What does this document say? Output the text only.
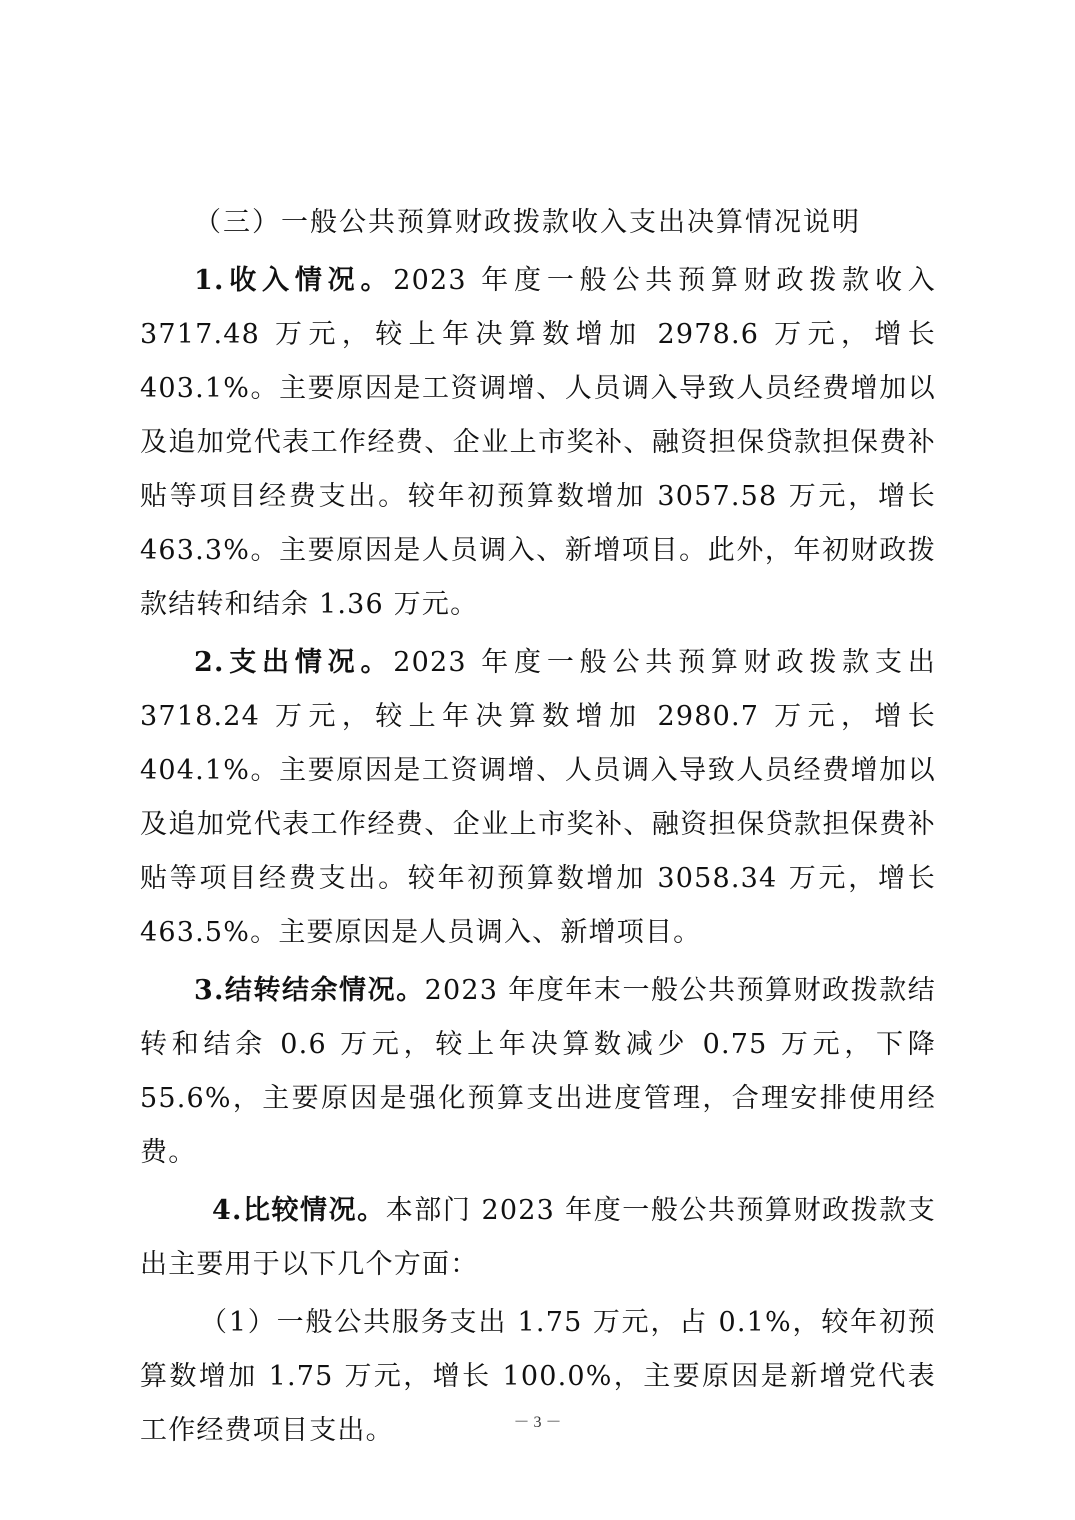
（三）一般公共预算财政拨款收入支出决算情况说明

1.收入情况。2023 年度一般公共预算财政拨款收入 3717.48 万元，较上年决算数增加 2978.6 万元，增长 403.1%。主要原因是工资调增、人员调入导致人员经费增加以及追加党代表工作经费、企业上市奖补、融资担保贷款担保费补贴等项目经费支出。较年初预算数增加 3057.58 万元，增长 463.3%。主要原因是人员调入、新增项目。此外，年初财政拨款结转和结余 1.36 万元。

2.支出情况。2023 年度一般公共预算财政拨款支出 3718.24 万元，较上年决算数增加 2980.7 万元，增长 404.1%。主要原因是工资调增、人员调入导致人员经费增加以及追加党代表工作经费、企业上市奖补、融资担保贷款担保费补贴等项目经费支出。较年初预算数增加 3058.34 万元，增长 463.5%。主要原因是人员调入、新增项目。

3.结转结余情况。2023 年度年末一般公共预算财政拨款结转和结余 0.6 万元，较上年决算数减少 0.75 万元，下降 55.6%，主要原因是强化预算支出进度管理，合理安排使用经费。

4.比较情况。本部门 2023 年度一般公共预算财政拨款支出主要用于以下几个方面：

（1）一般公共服务支出 1.75 万元，占 0.1%，较年初预算数增加 1.75 万元，增长 100.0%，主要原因是新增党代表工作经费项目支出。	－ 3 －
